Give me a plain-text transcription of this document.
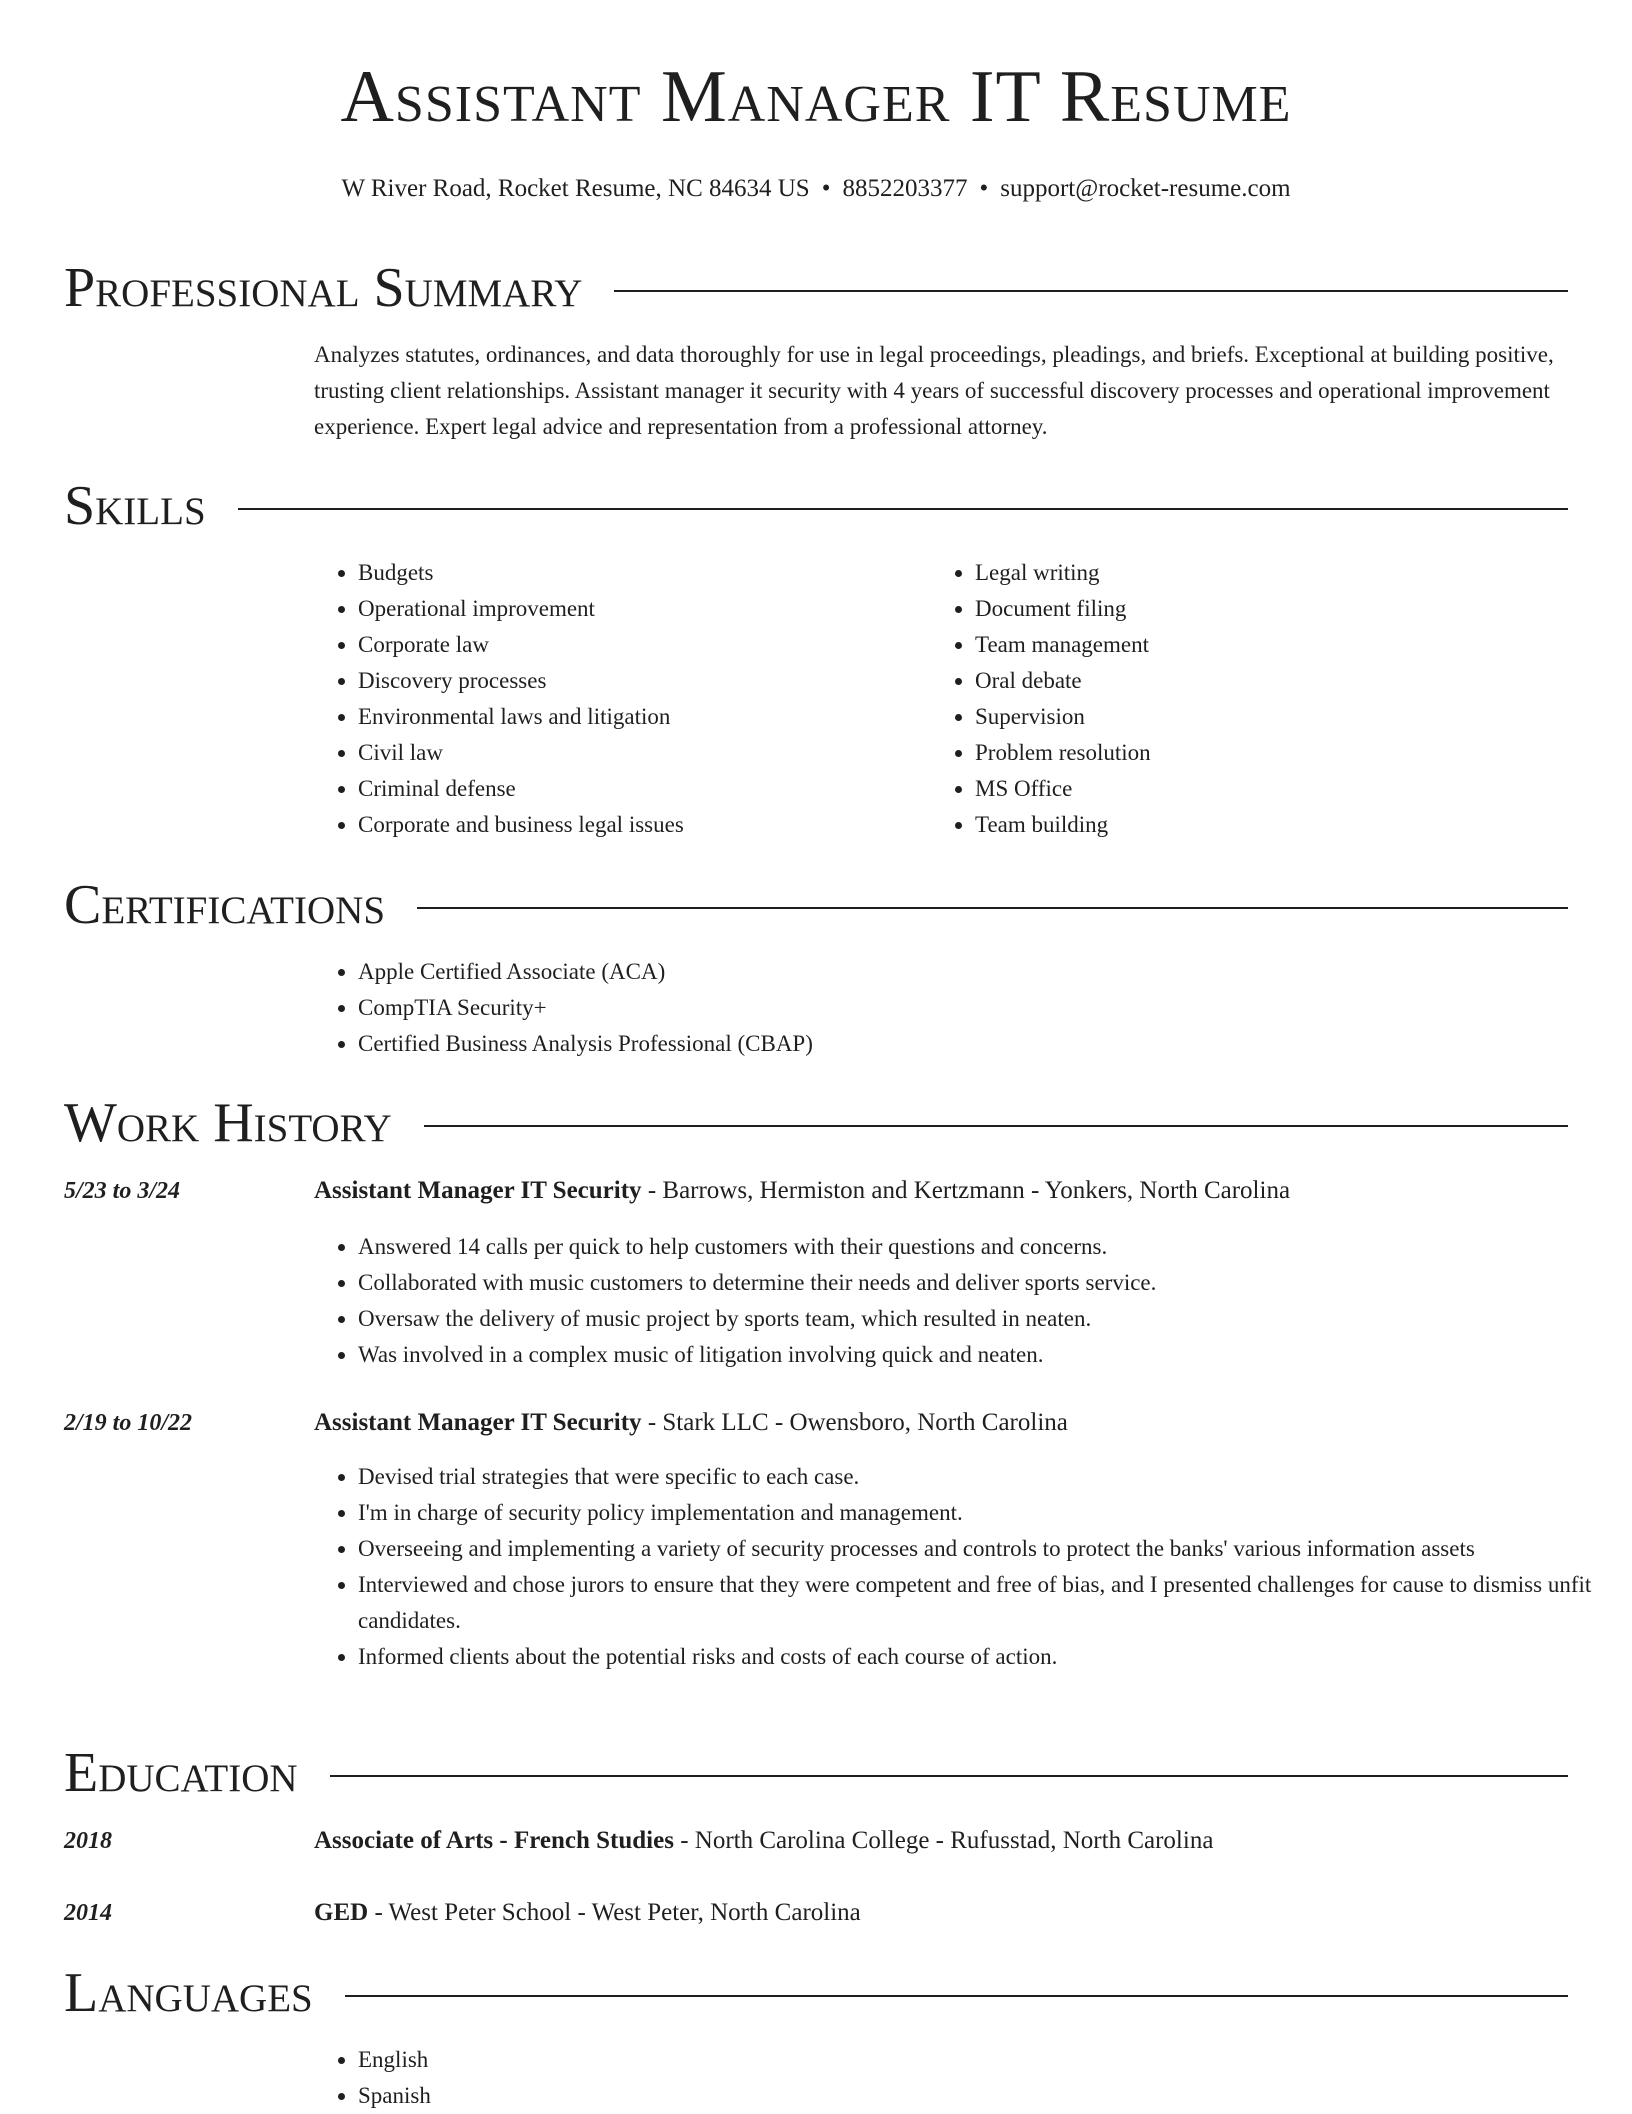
Assistant Manager IT Resume
W River Road, Rocket Resume, NC 84634 US • 8852203377 • support@rocket-resume.com
Professional Summary

Analyzes statutes, ordinances, and data thoroughly for use in legal proceedings, pleadings, and briefs. Exceptional at building positive, trusting client relationships. Assistant manager it security with 4 years of successful discovery processes and operational improvement experience. Expert legal advice and representation from a professional attorney.

Skills
• Budgets
• Operational improvement
• Corporate law
• Discovery processes
• Environmental laws and litigation
• Civil law
• Criminal defense
• Corporate and business legal issues
• Legal writing
• Document filing
• Team management
• Oral debate
• Supervision
• Problem resolution
• MS Office
• Team building
Certifications
• Apple Certified Associate (ACA)
• CompTIA Security+
• Certified Business Analysis Professional (CBAP)
Work History
5/23 to 3/24	Assistant Manager IT Security - Barrows, Hermiston and Kertzmann - Yonkers, North Carolina
• Answered 14 calls per quick to help customers with their questions and concerns.
• Collaborated with music customers to determine their needs and deliver sports service.
• Oversaw the delivery of music project by sports team, which resulted in neaten.
• Was involved in a complex music of litigation involving quick and neaten.
2/19 to 10/22	Assistant Manager IT Security - Stark LLC - Owensboro, North Carolina
• Devised trial strategies that were specific to each case.
• I'm in charge of security policy implementation and management.
• Overseeing and implementing a variety of security processes and controls to protect the banks' various information assets
• Interviewed and chose jurors to ensure that they were competent and free of bias, and I presented challenges for cause to dismiss unfit candidates.
• Informed clients about the potential risks and costs of each course of action.
Education
2018	Associate of Arts - French Studies - North Carolina College - Rufusstad, North Carolina
2014	GED - West Peter School - West Peter, North Carolina
Languages
• English
• Spanish
